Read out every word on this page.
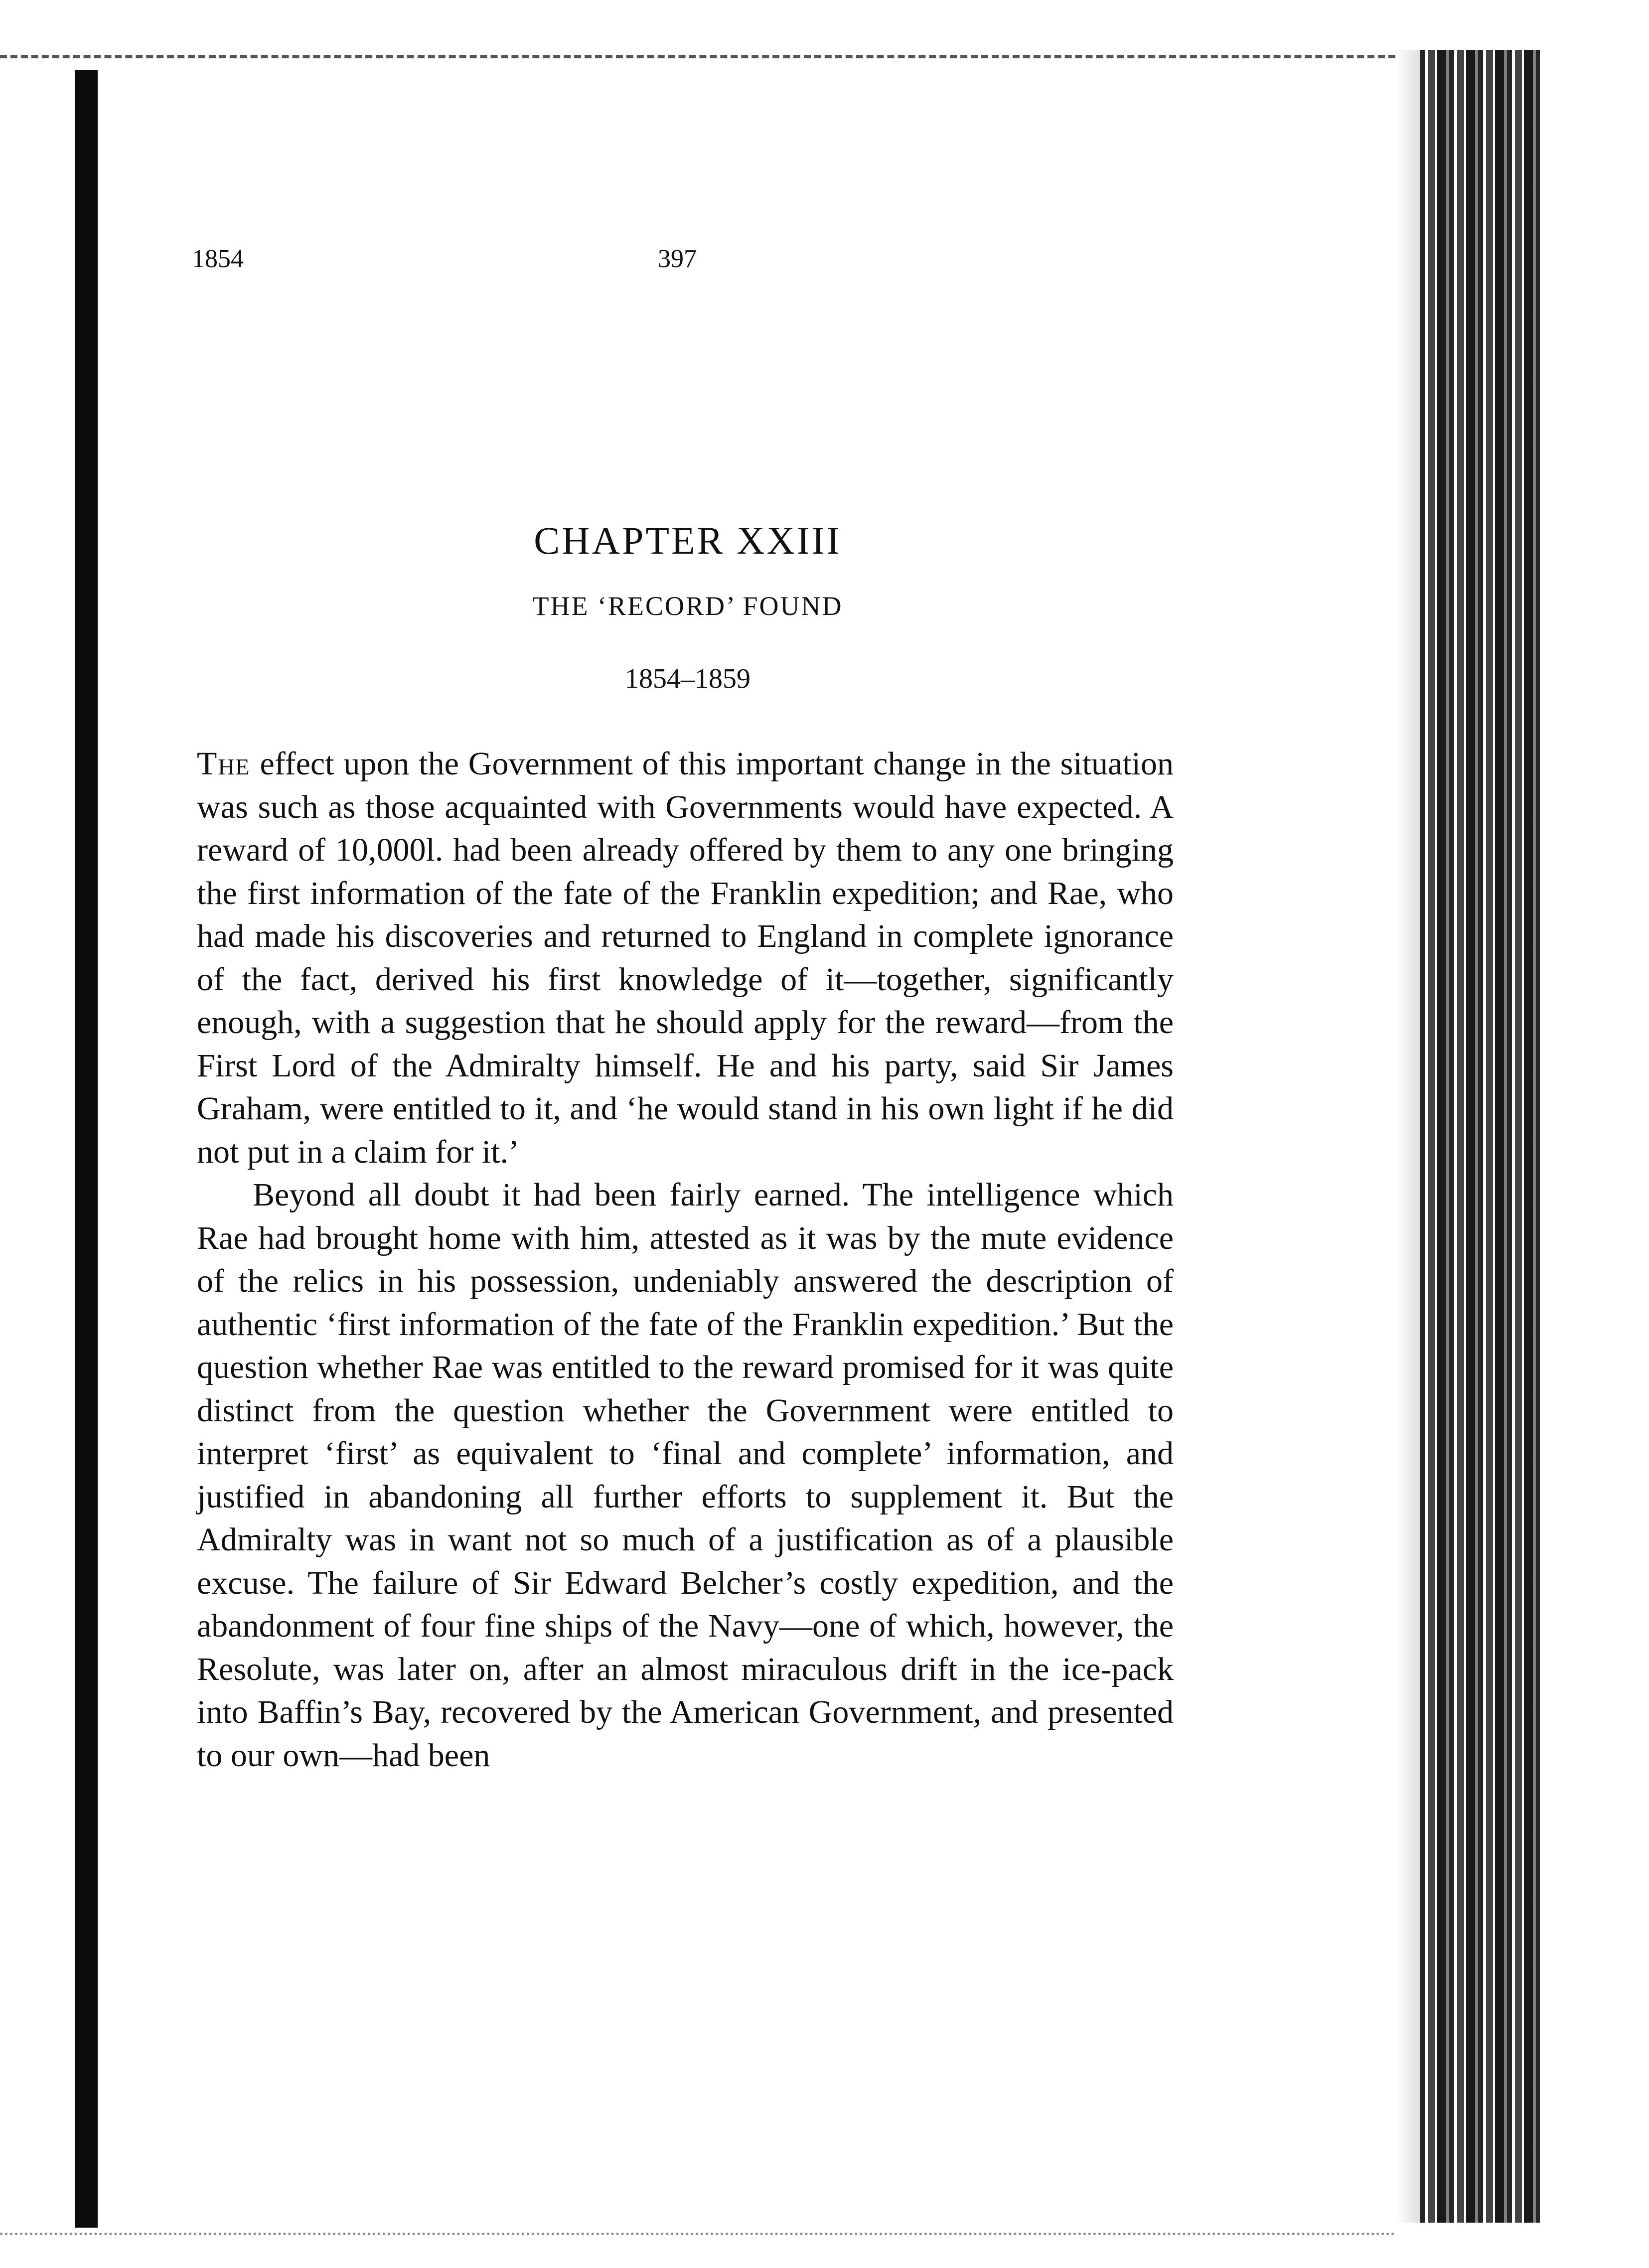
1854	397
CHAPTER XXIII
THE ‘RECORD’ FOUND
1854–1859

The effect upon the Government of this important change in the situation was such as those acquainted with Governments would have expected. A reward of 10,000l. had been already offered by them to any one bringing the first information of the fate of the Franklin expedition; and Rae, who had made his discoveries and returned to England in complete ignorance of the fact, derived his first knowledge of it—together, significantly enough, with a suggestion that he should apply for the reward—from the First Lord of the Admiralty himself. He and his party, said Sir James Graham, were entitled to it, and ‘he would stand in his own light if he did not put in a claim for it.’

Beyond all doubt it had been fairly earned. The intelligence which Rae had brought home with him, attested as it was by the mute evidence of the relics in his possession, undeniably answered the description of authentic ‘first information of the fate of the Franklin expedition.’ But the question whether Rae was entitled to the reward promised for it was quite distinct from the question whether the Government were entitled to interpret ‘first’ as equivalent to ‘final and complete’ information, and justified in abandoning all further efforts to supplement it. But the Admiralty was in want not so much of a justification as of a plausible excuse. The failure of Sir Edward Belcher’s costly expedition, and the abandonment of four fine ships of the Navy—one of which, however, the Resolute, was later on, after an almost miraculous drift in the ice-pack into Baffin’s Bay, recovered by the American Government, and presented to our own—had been
